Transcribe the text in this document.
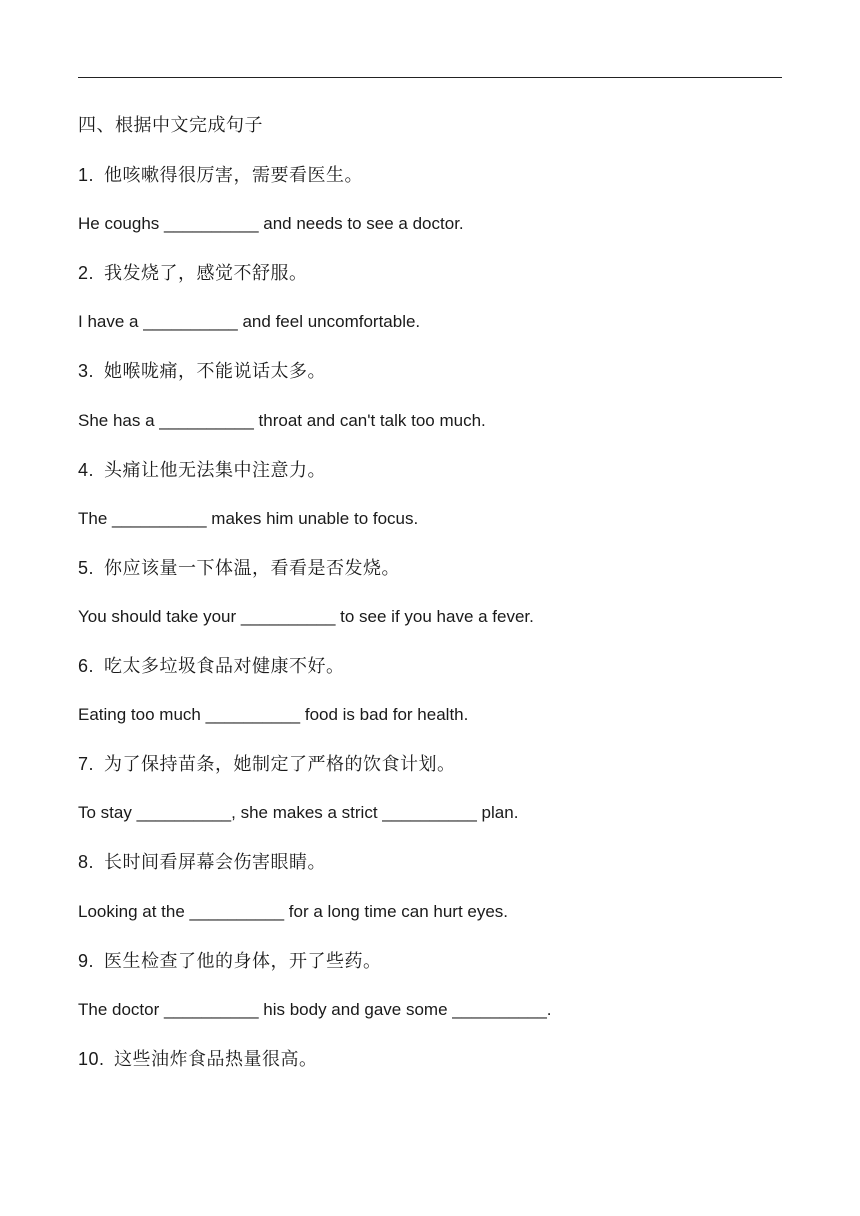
四、根据中文完成句子
1. 他咳嗽得很厉害，需要看医生。
He coughs __________ and needs to see a doctor.
2. 我发烧了，感觉不舒服。
I have a __________ and feel uncomfortable.
3. 她喉咙痛，不能说话太多。
She has a __________ throat and can't talk too much.
4. 头痛让他无法集中注意力。
The __________ makes him unable to focus.
5. 你应该量一下体温，看看是否发烧。
You should take your __________ to see if you have a fever.
6. 吃太多垃圾食品对健康不好。
Eating too much __________ food is bad for health.
7. 为了保持苗条，她制定了严格的饮食计划。
To stay __________, she makes a strict __________ plan.
8. 长时间看屏幕会伤害眼睛。
Looking at the __________ for a long time can hurt eyes.
9. 医生检查了他的身体，开了些药。
The doctor __________ his body and gave some __________.
10. 这些油炸食品热量很高。
